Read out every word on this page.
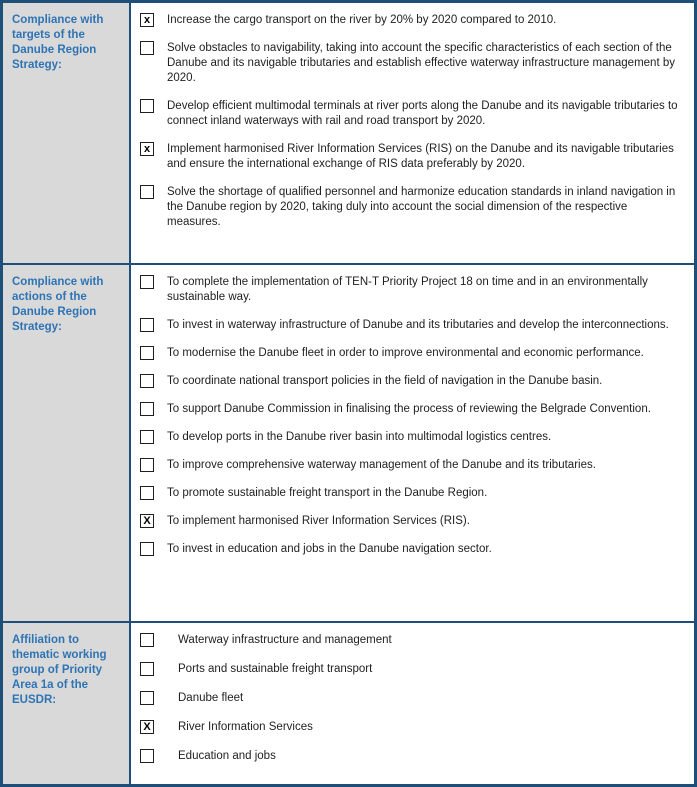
Compliance with targets of the Danube Region Strategy:
x Increase the cargo transport on the river by 20% by 2020 compared to 2010.
Solve obstacles to navigability, taking into account the specific characteristics of each section of the Danube and its navigable tributaries and establish effective waterway infrastructure management by 2020.
Develop efficient multimodal terminals at river ports along the Danube and its navigable tributaries to connect inland waterways with rail and road transport by 2020.
x Implement harmonised River Information Services (RIS) on the Danube and its navigable tributaries and ensure the international exchange of RIS data preferably by 2020.
Solve the shortage of qualified personnel and harmonize education standards in inland navigation in the Danube region by 2020, taking duly into account the social dimension of the respective measures.
Compliance with actions of the Danube Region Strategy:
To complete the implementation of TEN-T Priority Project 18 on time and in an environmentally sustainable way.
To invest in waterway infrastructure of Danube and its tributaries and develop the interconnections.
To modernise the Danube fleet in order to improve environmental and economic performance.
To coordinate national transport policies in the field of navigation in the Danube basin.
To support Danube Commission in finalising the process of reviewing the Belgrade Convention.
To develop ports in the Danube river basin into multimodal logistics centres.
To improve comprehensive waterway management of the Danube and its tributaries.
To promote sustainable freight transport in the Danube Region.
X To implement harmonised River Information Services (RIS).
To invest in education and jobs in the Danube navigation sector.
Affiliation to thematic working group of Priority Area 1a of the EUSDR:
Waterway infrastructure and management
Ports and sustainable freight transport
Danube fleet
X River Information Services
Education and jobs
